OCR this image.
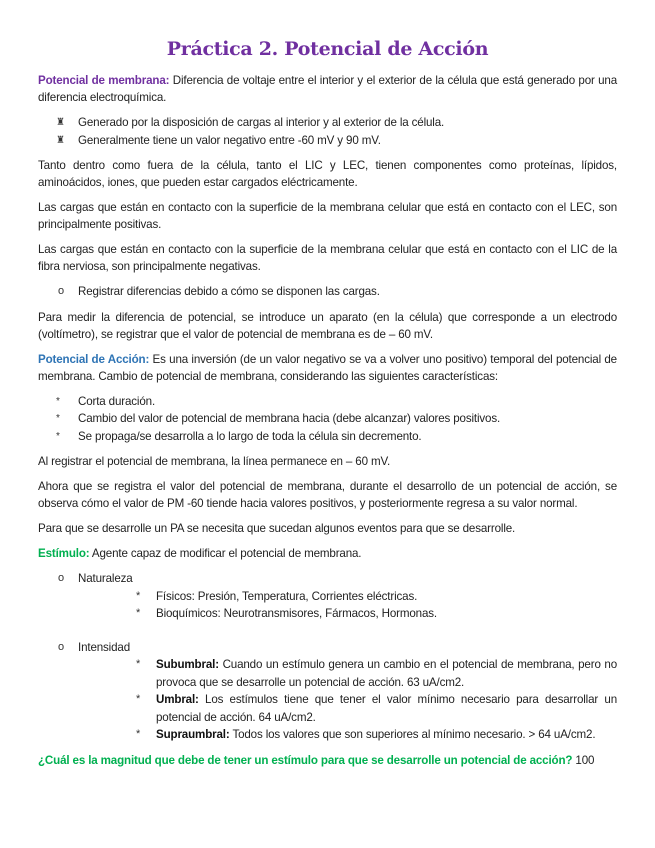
Práctica 2. Potencial de Acción

Potencial de membrana: Diferencia de voltaje entre el interior y el exterior de la célula que está generado por una diferencia electroquímica.

♜ Generado por la disposición de cargas al interior y al exterior de la célula.
♜ Generalmente tiene un valor negativo entre -60 mV y 90 mV.

Tanto dentro como fuera de la célula, tanto el LIC y LEC, tienen componentes como proteínas, lípidos, aminoácidos, iones, que pueden estar cargados eléctricamente.

Las cargas que están en contacto con la superficie de la membrana celular que está en contacto con el LEC, son principalmente positivas.

Las cargas que están en contacto con la superficie de la membrana celular que está en contacto con el LIC de la fibra nerviosa, son principalmente negativas.

o Registrar diferencias debido a cómo se disponen las cargas.

Para medir la diferencia de potencial, se introduce un aparato (en la célula) que corresponde a un electrodo (voltímetro), se registrar que el valor de potencial de membrana es de – 60 mV.

Potencial de Acción: Es una inversión (de un valor negativo se va a volver uno positivo) temporal del potencial de membrana. Cambio de potencial de membrana, considerando las siguientes características:

* Corta duración.
* Cambio del valor de potencial de membrana hacia (debe alcanzar) valores positivos.
* Se propaga/se desarrolla a lo largo de toda la célula sin decremento.

Al registrar el potencial de membrana, la línea permanece en – 60 mV.

Ahora que se registra el valor del potencial de membrana, durante el desarrollo de un potencial de acción, se observa cómo el valor de PM -60 tiende hacia valores positivos, y posteriormente regresa a su valor normal.

Para que se desarrolle un PA se necesita que sucedan algunos eventos para que se desarrolle.

Estímulo: Agente capaz de modificar el potencial de membrana.

o Naturaleza
* Físicos: Presión, Temperatura, Corrientes eléctricas.
* Bioquímicos: Neurotransmisores, Fármacos, Hormonas.
o Intensidad
* Subumbral: Cuando un estímulo genera un cambio en el potencial de membrana, pero no provoca que se desarrolle un potencial de acción. 63 uA/cm2.
* Umbral: Los estímulos tiene que tener el valor mínimo necesario para desarrollar un potencial de acción. 64 uA/cm2.
* Supraumbral: Todos los valores que son superiores al mínimo necesario. > 64 uA/cm2.

¿Cuál es la magnitud que debe de tener un estímulo para que se desarrolle un potencial de acción? 100
